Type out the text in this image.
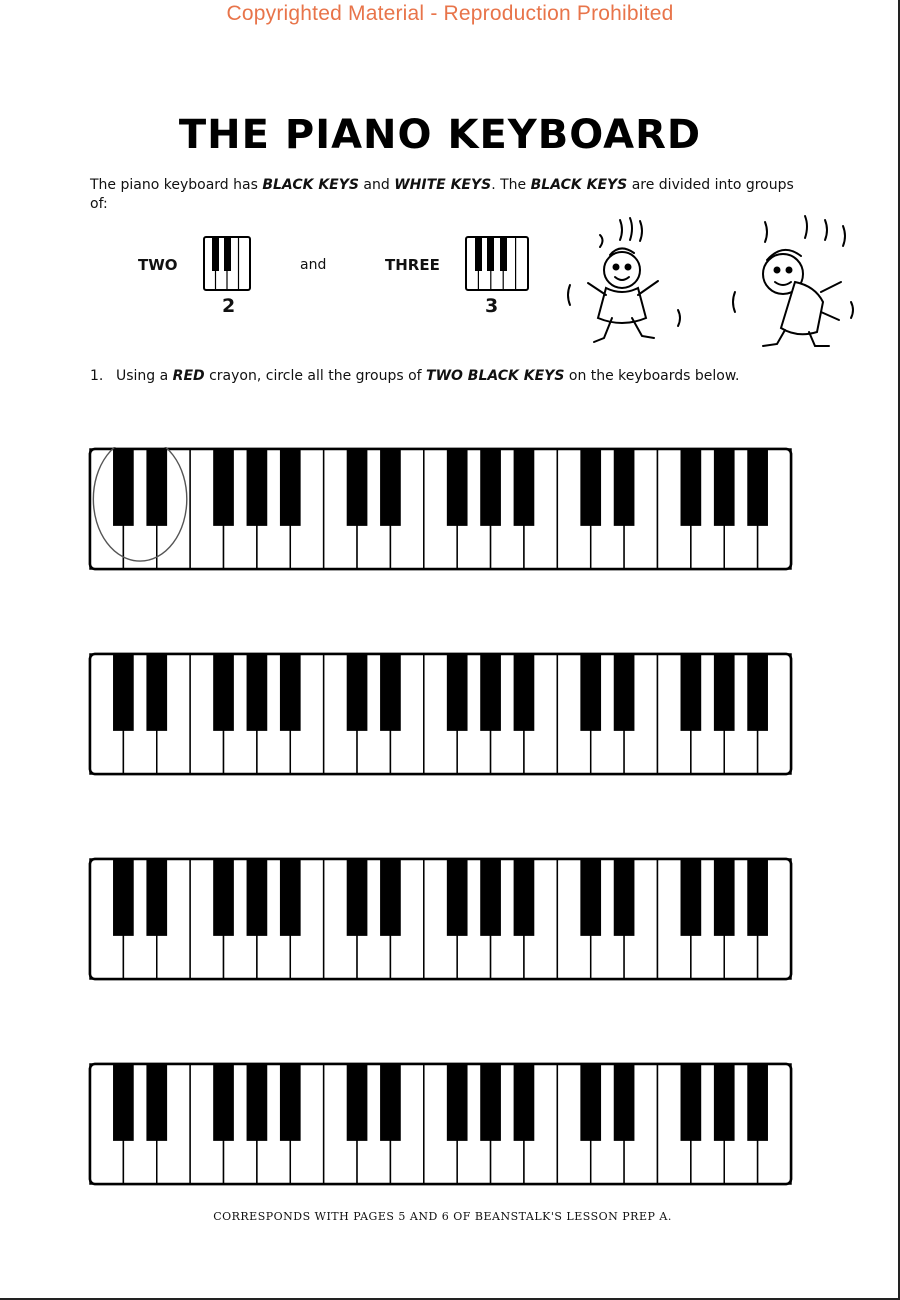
Copyrighted Material - Reproduction Prohibited
THE PIANO KEYBOARD
The piano keyboard has BLACK KEYS and WHITE KEYS. The BLACK KEYS are divided into groups of:
TWO
2
and	THREE
3
1. Using a RED crayon, circle all the groups of TWO BLACK KEYS on the keyboards below.
CORRESPONDS WITH PAGES 5 AND 6 OF BEANSTALK'S LESSON PREP A.
